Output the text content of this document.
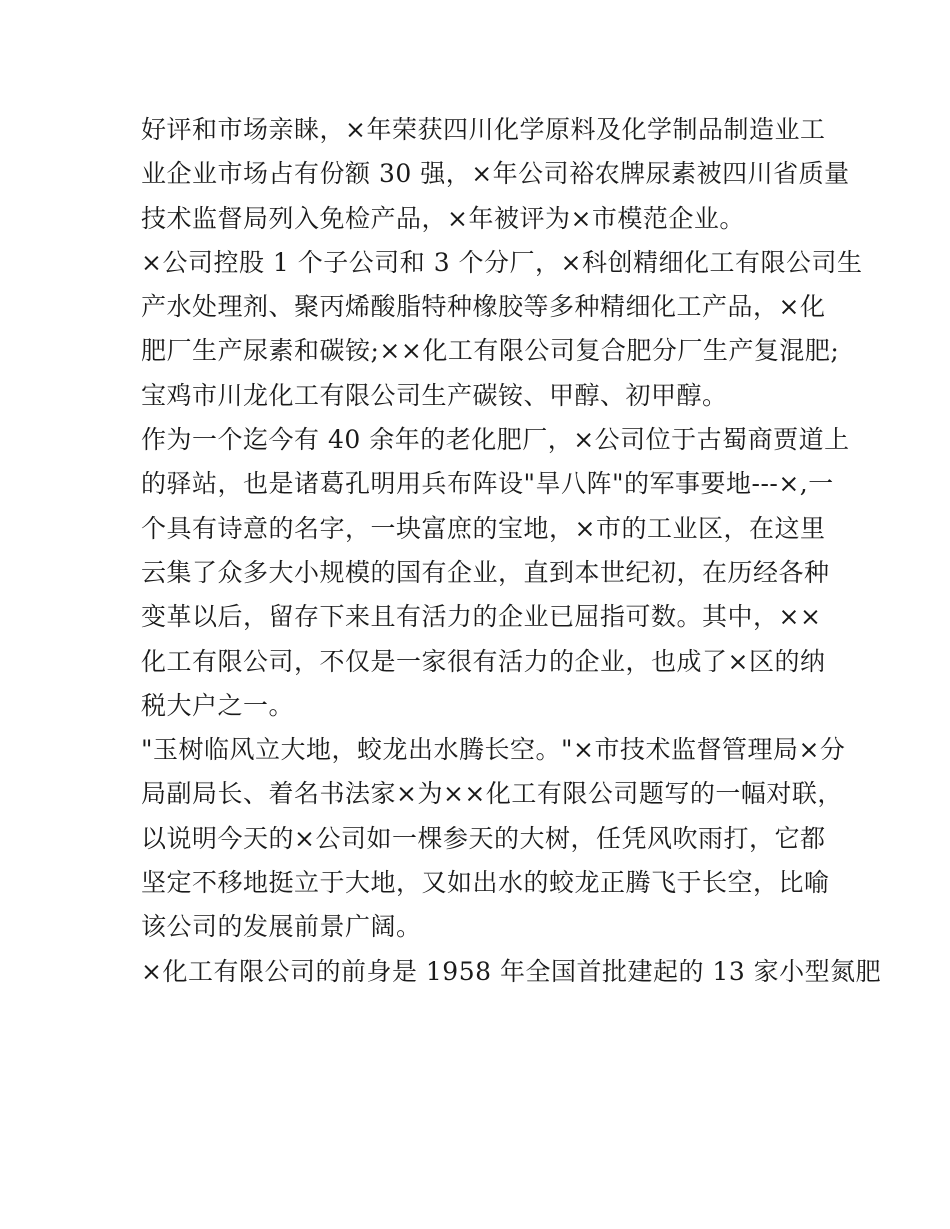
好评和市场亲睐，×年荣获四川化学原料及化学制品制造业工
业企业市场占有份额 30 强，×年公司裕农牌尿素被四川省质量
技术监督局列入免检产品，×年被评为×市模范企业。
×公司控股 1 个子公司和 3 个分厂，×科创精细化工有限公司生
产水处理剂、聚丙烯酸脂特种橡胶等多种精细化工产品，×化
肥厂生产尿素和碳铵;××化工有限公司复合肥分厂生产复混肥;
宝鸡市川龙化工有限公司生产碳铵、甲醇、初甲醇。
作为一个迄今有 40 余年的老化肥厂，×公司位于古蜀商贾道上
的驿站，也是诸葛孔明用兵布阵设"旱八阵"的军事要地---×,一
个具有诗意的名字，一块富庶的宝地，×市的工业区，在这里
云集了众多大小规模的国有企业，直到本世纪初，在历经各种
变革以后，留存下来且有活力的企业已屈指可数。其中，××
化工有限公司，不仅是一家很有活力的企业，也成了×区的纳
税大户之一。
"玉树临风立大地，蛟龙出水腾长空。"×市技术监督管理局×分
局副局长、着名书法家×为××化工有限公司题写的一幅对联，
以说明今天的×公司如一棵参天的大树，任凭风吹雨打，它都
坚定不移地挺立于大地，又如出水的蛟龙正腾飞于长空，比喻
该公司的发展前景广阔。
×化工有限公司的前身是 1958 年全国首批建起的 13 家小型氮肥
